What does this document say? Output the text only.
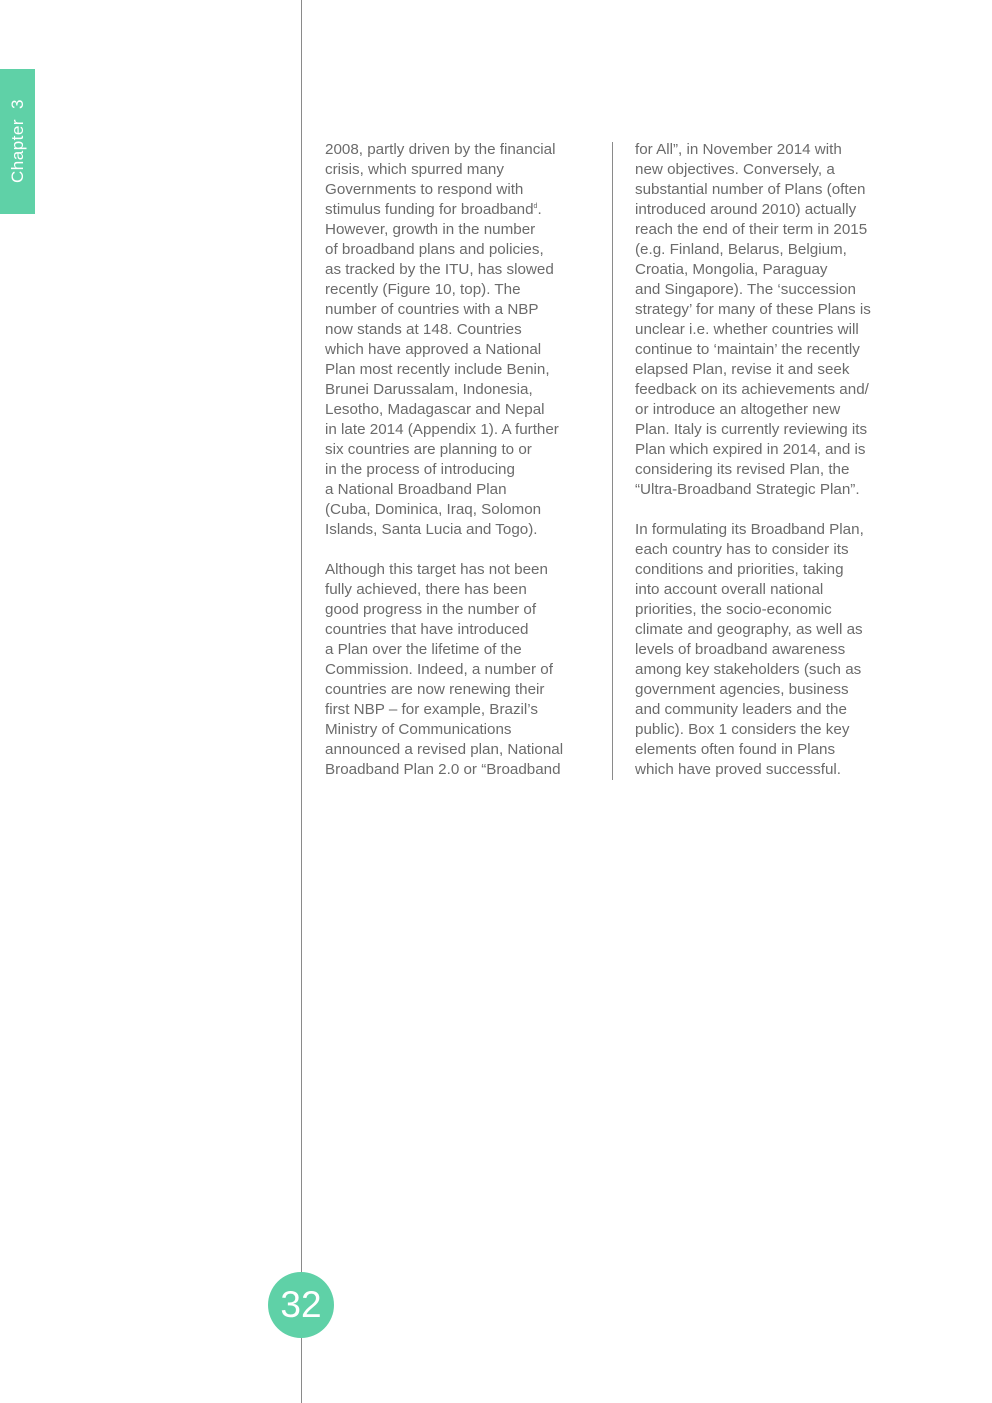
Chapter3

2008, partly driven by the financial
crisis, which spurred many
Governments to respond with
stimulus funding for broadband$^d$.
However, growth in the number
of broadband plans and policies,
as tracked by the ITU, has slowed
recently (Figure 10, top). The
number of countries with a NBP
now stands at 148. Countries
which have approved a National
Plan most recently include Benin,
Brunei Darussalam, Indonesia,
Lesotho, Madagascar and Nepal
in late 2014 (Appendix 1). A further
six countries are planning to or
in the process of introducing
a National Broadband Plan
(Cuba, Dominica, Iraq, Solomon
Islands, Santa Lucia and Togo).

Although this target has not been
fully achieved, there has been
good progress in the number of
countries that have introduced
a Plan over the lifetime of the
Commission. Indeed, a number of
countries are now renewing their
first NBP – for example, Brazil’s
Ministry of Communications
announced a revised plan, National
Broadband Plan 2.0 or “Broadband

for All”, in November 2014 with
new objectives. Conversely, a
substantial number of Plans (often
introduced around 2010) actually
reach the end of their term in 2015
(e.g. Finland, Belarus, Belgium,
Croatia, Mongolia, Paraguay
and Singapore). The ‘succession
strategy’ for many of these Plans is
unclear i.e. whether countries will
continue to ‘maintain’ the recently
elapsed Plan, revise it and seek
feedback on its achievements and/
or introduce an altogether new
Plan. Italy is currently reviewing its
Plan which expired in 2014, and is
considering its revised Plan, the
“Ultra-Broadband Strategic Plan”.

In formulating its Broadband Plan,
each country has to consider its
conditions and priorities, taking
into account overall national
priorities, the socio-economic
climate and geography, as well as
levels of broadband awareness
among key stakeholders (such as
government agencies, business
and community leaders and the
public). Box 1 considers the key
elements often found in Plans
which have proved successful.

32
